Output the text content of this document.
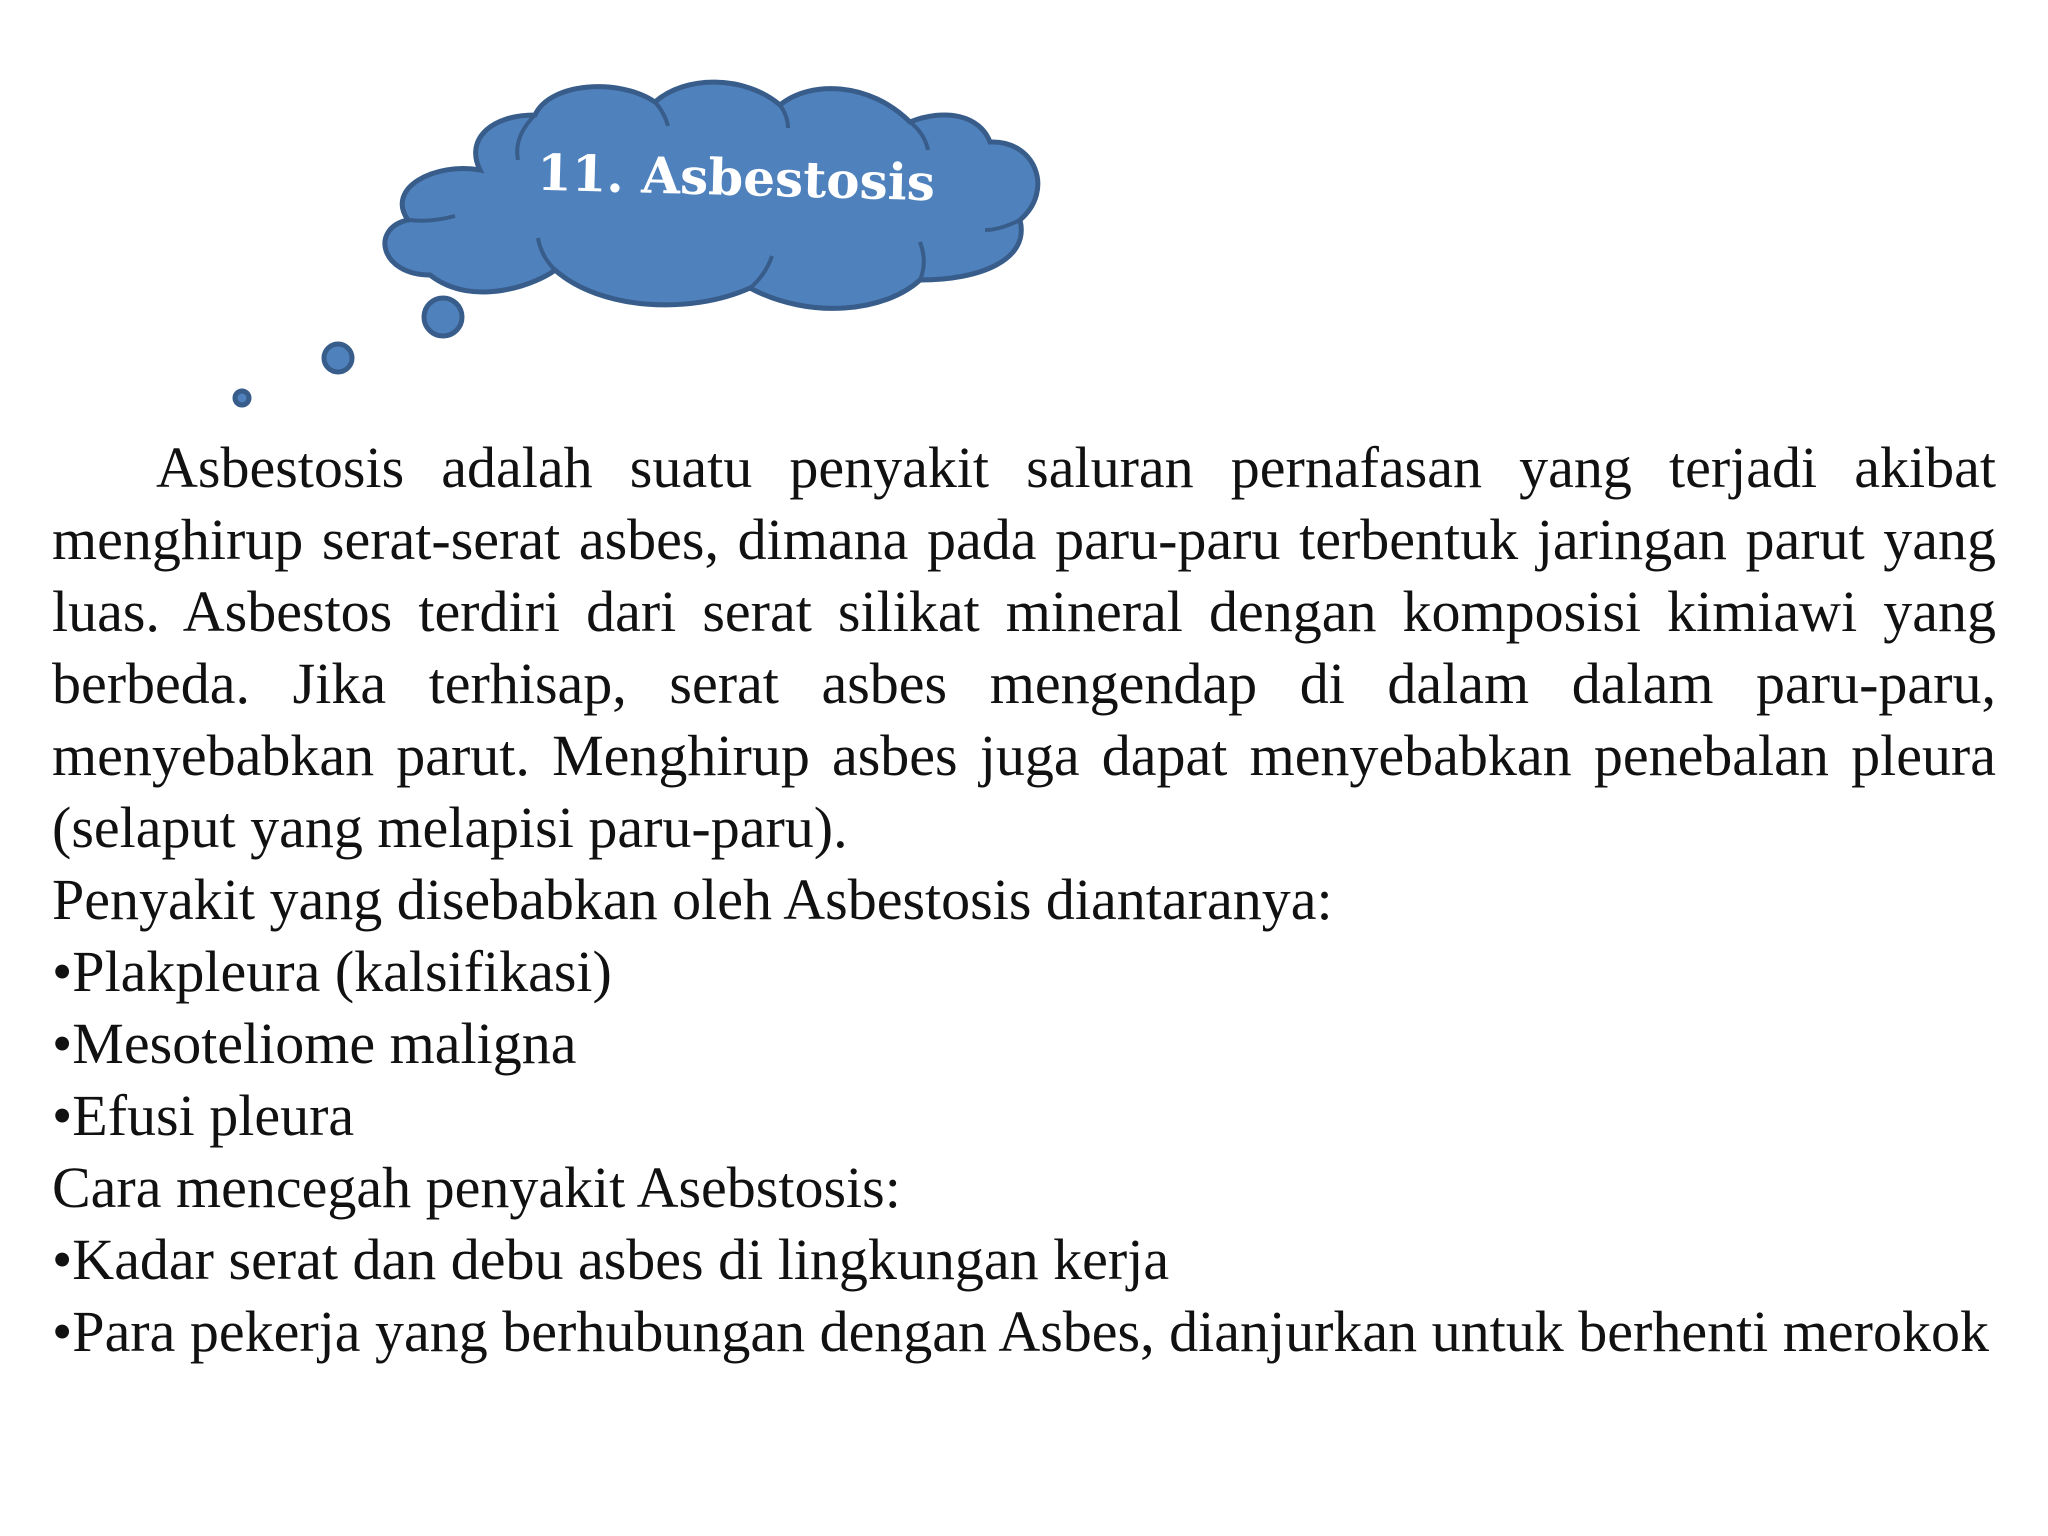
11. Asbestosis

Asbestosis adalah suatu penyakit saluran pernafasan yang terjadi akibat menghirup serat-serat asbes, dimana pada paru-paru terbentuk jaringan parut yang luas. Asbestos terdiri dari serat silikat mineral dengan komposisi kimiawi yang berbeda. Jika terhisap, serat asbes mengendap di dalam dalam paru-paru, menyebabkan parut. Menghirup asbes juga dapat menyebabkan penebalan pleura (selaput yang melapisi paru-paru).

Penyakit yang disebabkan oleh Asbestosis diantaranya:

•Plakpleura (kalsifikasi)

•Mesoteliome maligna

•Efusi pleura

Cara mencegah penyakit Asebstosis:

•Kadar serat dan debu asbes di lingkungan kerja

•Para pekerja yang berhubungan dengan Asbes, dianjurkan untuk berhenti merokok
